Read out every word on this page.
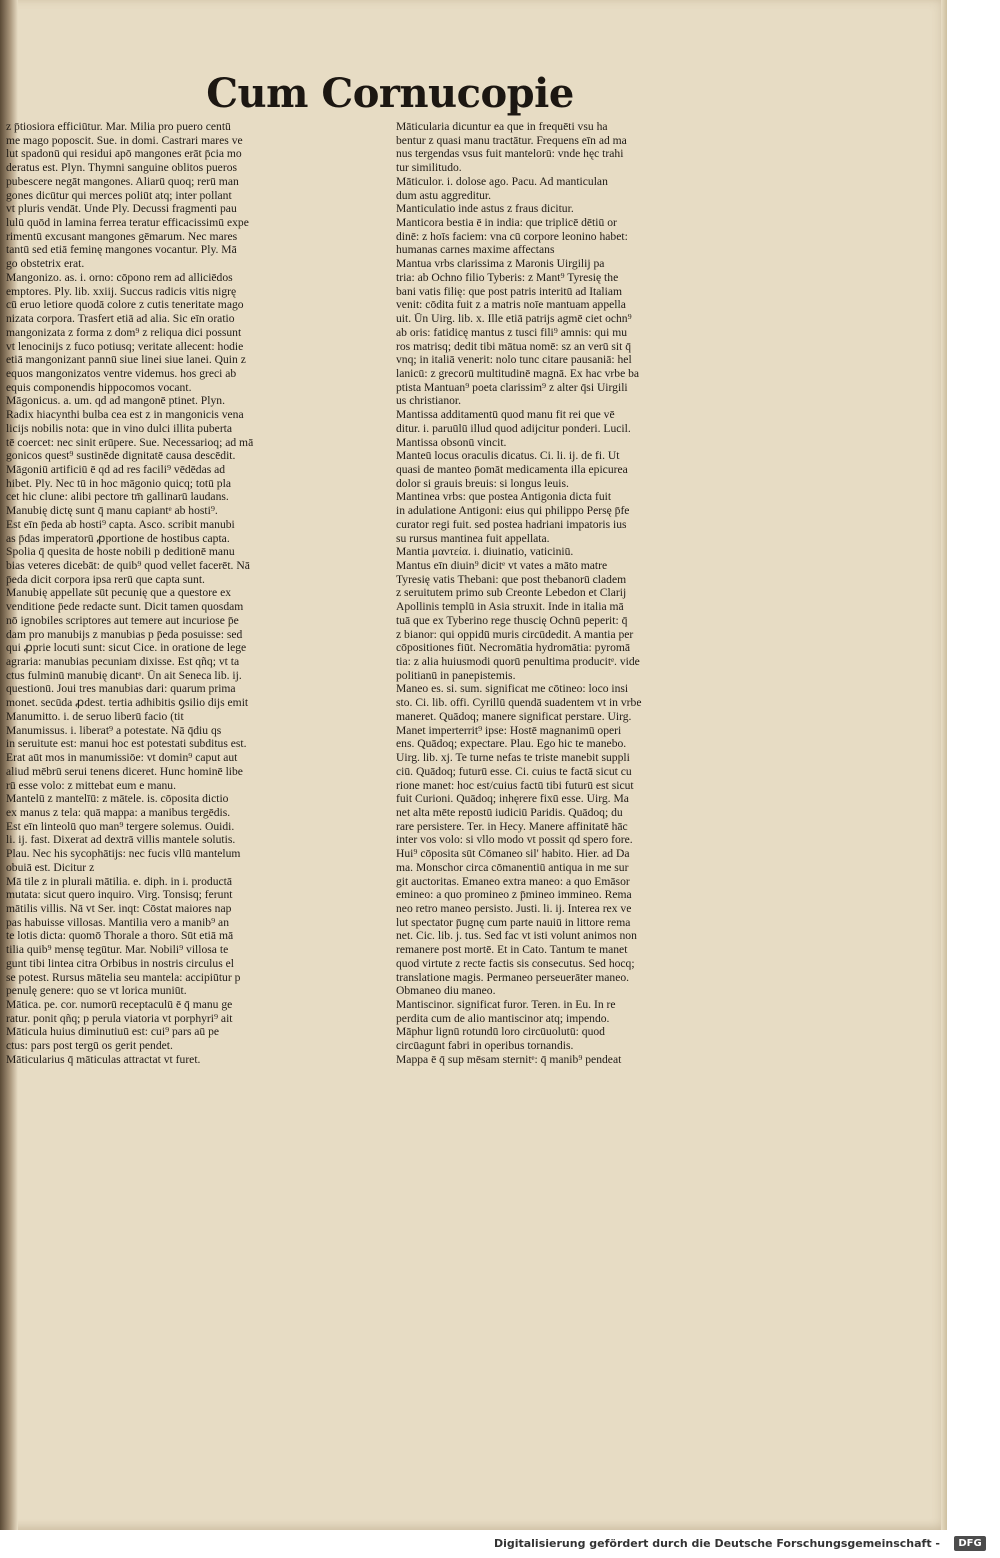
Cum Cornucopie
z p̄tiosiora efficiūtur. Mar. Milia pro puero centū
me mago poposcit. Sue. in domi. Castrari mares ve
lut spadonū qui residui apō mangones erāt p̄cia mo
deratus est. Plyn. Thymni sanguine oblitos pueros
pubescere negāt mangones. Aliarū quoq; rerū man
gones dicūtur qui merces poliūt atq; inter pollant
vt pluris vendāt. Unde Ply. Decussi fragmenti pau
lulū quōd in lamina ferrea teratur efficacissimū expe
rimentū excusant mangones gēmarum. Nec mares
tantū sed etiā feminę mangones vocantur. Ply. Mā
go obstetrix erat.
Mangonizo. as. i. orno: cōpono rem ad alliciēdos
emptores. Ply. lib. xxiij. Succus radicis vitis nigrę
cū eruo letiore quodā colore z cutis teneritate mago
nizata corpora. Trasfert etiā ad alia. Sic eīn oratio
mangonizata z forma z dom⁹ z reliqua dici possunt
vt lenocinijs z fuco potiusq; veritate allecent: hodie
etiā mangonizant pannū siue linei siue lanei. Quin z
equos mangonizatos ventre videmus. hos greci ab
equis componendis hippocomos vocant.
Māgonicus. a. um. qd ad mangonē ptinet. Plyn.
Radix hiacynthi bulba cea est z in mangonicis vena
licijs nobilis nota: que in vino dulci illita puberta
tē coercet: nec sinit erūpere. Sue. Necessarioq; ad mā
gonicos quest⁹ sustinēde dignitatē causa descēdit.
Māgoniū artificiū ē qd ad res facili⁹ vēdēdas ad
hibet. Ply. Nec tū in hoc māgonio quicq; totū pla
cet hic clune: alibi pectore tm̄ gallinarū laudans.
Manubię dictę sunt q̄ manu capiantᵉ ab hosti⁹.
Est eīn p̄eda ab hosti⁹ capta. Asco. scribit manubi
as p̄das imperatorū ꝓportione de hostibus capta.
Spolia q̄ quesita de hoste nobili p deditionē manu
bias veteres dicebāt: de quib⁹ quod vellet facerēt. Nā
p̄eda dicit corpora ipsa rerū que capta sunt.
Manubię appellate sūt pecunię que a questore ex
venditione p̄ede redacte sunt. Dicit tamen quosdam
nō ignobiles scriptores aut temere aut incuriose p̄e
dam pro manubijs z manubias p p̄eda posuisse: sed
qui ꝓprie locuti sunt: sicut Cice. in oratione de lege
agraria: manubias pecuniam dixisse. Est qñq; vt ta
ctus fulminū manubię dicantᵉ. Ūn ait Seneca lib. ij.
questionū. Joui tres manubias dari: quarum prima
monet. secūda ꝓdest. tertia adhibitis ꝯsilio dijs emit
Manumitto. i. de seruo liberū facio (tit
Manumissus. i. liberat⁹ a potestate. Nā q̄diu qs
in seruitute est: manui hoc est potestati subditus est.
Erat aūt mos in manumissiōe: vt domin⁹ caput aut
aliud mēbrū serui tenens diceret. Hunc hominē libe
rū esse volo: z mittebat eum e manu.
Mantelū z mantelīū: z mātele. is. cōposita dictio
ex manus z tela: quā mappa: a manibus tergēdis.
Est eīn linteolū quo man⁹ tergere solemus. Ouidi.
li. ij. fast. Dixerat ad dextrā villis mantele solutis.
Plau. Nec his sycophātijs: nec fucis vllū mantelum
obuiā est. Dicitur z
Mā tile z in plurali mātilia. e. diph. in i. productā
mutata: sicut quero inquiro. Virg. Tonsisq; ferunt
mātilis villis. Nā vt Ser. inqt: Cōstat maiores nap
pas habuisse villosas. Mantilia vero a manib⁹ an
te lotis dicta: quomō Thorale a thoro. Sūt etiā mā
tilia quib⁹ mensę tegūtur. Mar. Nobili⁹ villosa te
gunt tibi lintea citra Orbibus in nostris circulus el
se potest. Rursus mātelia seu mantela: accipiūtur p
penulę genere: quo se vt lorica muniūt.
Mātica. pe. cor. numorū receptaculū ē q̄ manu ge
ratur. ponit qñq; p perula viatoria vt porphyri⁹ ait
Māticula huius diminutiuū est: cui⁹ pars aū pe
ctus: pars post tergū os gerit pendet.
Māticularius q̄ māticulas attractat vt furet.
Māticularia dicuntur ea que in frequēti vsu ha
bentur z quasi manu tractātur. Frequens eīn ad ma
nus tergendas vsus fuit mantelorū: vnde hęc trahi
tur similitudo.
Māticulor. i. dolose ago. Pacu. Ad manticulan
dum astu aggreditur.
Manticulatio inde astus z fraus dicitur.
Manticora bestia ē in india: que triplicē dētiū or
dinē: z hoīs faciem: vna cū corpore leonino habet:
humanas carnes maxime affectans
Mantua vrbs clarissima z Maronis Uirgilij pa
tria: ab Ochno filio Tyberis: z Mant⁹ Tyresię the
bani vatis filię: que post patris interitū ad Italiam
venit: cōdita fuit z a matris noīe mantuam appella
uit. Ūn Uirg. lib. x. Ille etiā patrijs agmē ciet ochn⁹
ab oris: fatidicę mantus z tusci fili⁹ amnis: qui mu
ros matrisq; dedit tibi mātua nomē: sz an verū sit q̄
vnq; in italiā venerit: nolo tunc citare pausaniā: hel
lanicū: z grecorū multitudinē magnā. Ex hac vrbe ba
ptista Mantuan⁹ poeta clarissim⁹ z alter q̄si Uirgili
us christianor.
Mantissa additamentū quod manu fit rei que vē
ditur. i. paruūlū illud quod adijcitur ponderi. Lucil.
Mantissa obsonū vincit.
Manteū locus oraculis dicatus. Ci. li. ij. de fi. Ut
quasi de manteo p̄omāt medicamenta illa epicurea
dolor si grauis breuis: si longus leuis.
Mantinea vrbs: que postea Antigonia dicta fuit
in adulatione Antigoni: eius qui philippo Persę p̄fe
curator regi fuit. sed postea hadriani impatoris ius
su rursus mantinea fuit appellata.
Mantia μαντεία. i. diuinatio, vaticiniū.
Mantus eīn diuin⁹ dicitᵉ vt vates a māto matre
Tyresię vatis Thebani: que post thebanorū cladem
z seruitutem primo sub Creonte Lebedon et Clarij
Apollinis templū in Asia struxit. Inde in italia mā
tuā que ex Tyberino rege thuscię Ochnū peperit: q̄
z bianor: qui oppidū muris circūdedit. A mantia per
cōpositiones fiūt. Necromātia hydromātia: pyromā
tia: z alia huiusmodi quorū penultima producitᵉ. vide
politianū in panepistemis.
Maneo es. si. sum. significat me cōtineo: loco insi
sto. Ci. lib. offi. Cyrillū quendā suadentem vt in vrbe
maneret. Quādoq; manere significat perstare. Uirg.
Manet imperterrit⁹ ipse: Hostē magnanimū operi
ens. Quādoq; expectare. Plau. Ego hic te manebo.
Uirg. lib. xj. Te turne nefas te triste manebit suppli
ciū. Quādoq; futurū esse. Ci. cuius te factā sicut cu
rione manet: hoc est/cuius factū tibi futurū est sicut
fuit Curioni. Quādoq; inhęrere fixū esse. Uirg. Ma
net alta mēte repostū iudiciū Paridis. Quādoq; du
rare persistere. Ter. in Hecy. Manere affinitatē hāc
inter vos volo: si vllo modo vt possit qd spero fore.
Hui⁹ cōposita sūt Cōmaneo sil' habito. Hier. ad Da
ma. Monschor circa cōmanentiū antiqua in me sur
git auctoritas. Emaneo extra maneo: a quo Emāsor
emineo: a quo promineo z p̄mineo immineo. Rema
neo retro maneo persisto. Justi. li. ij. Interea rex ve
lut spectator p̄ugnę cum parte nauiū in littore rema
net. Cic. lib. j. tus. Sed fac vt isti volunt animos non
remanere post mortē. Et in Cato. Tantum te manet
quod virtute z recte factis sis consecutus. Sed hocq;
translatione magis. Permaneo perseuerāter maneo.
Obmaneo diu maneo.
Mantiscinor. significat furor. Teren. in Eu. In re
perdita cum de alio mantiscinor atq; impendo.
Māphur lignū rotundū loro circūuolutū: quod
circūagunt fabri in operibus tornandis.
Mappa ē q̄ sup mēsam sternitᵉ: q̄ manib⁹ pendeat
Digitalisierung gefördert durch die Deutsche Forschungsgemeinschaft -	DFG
